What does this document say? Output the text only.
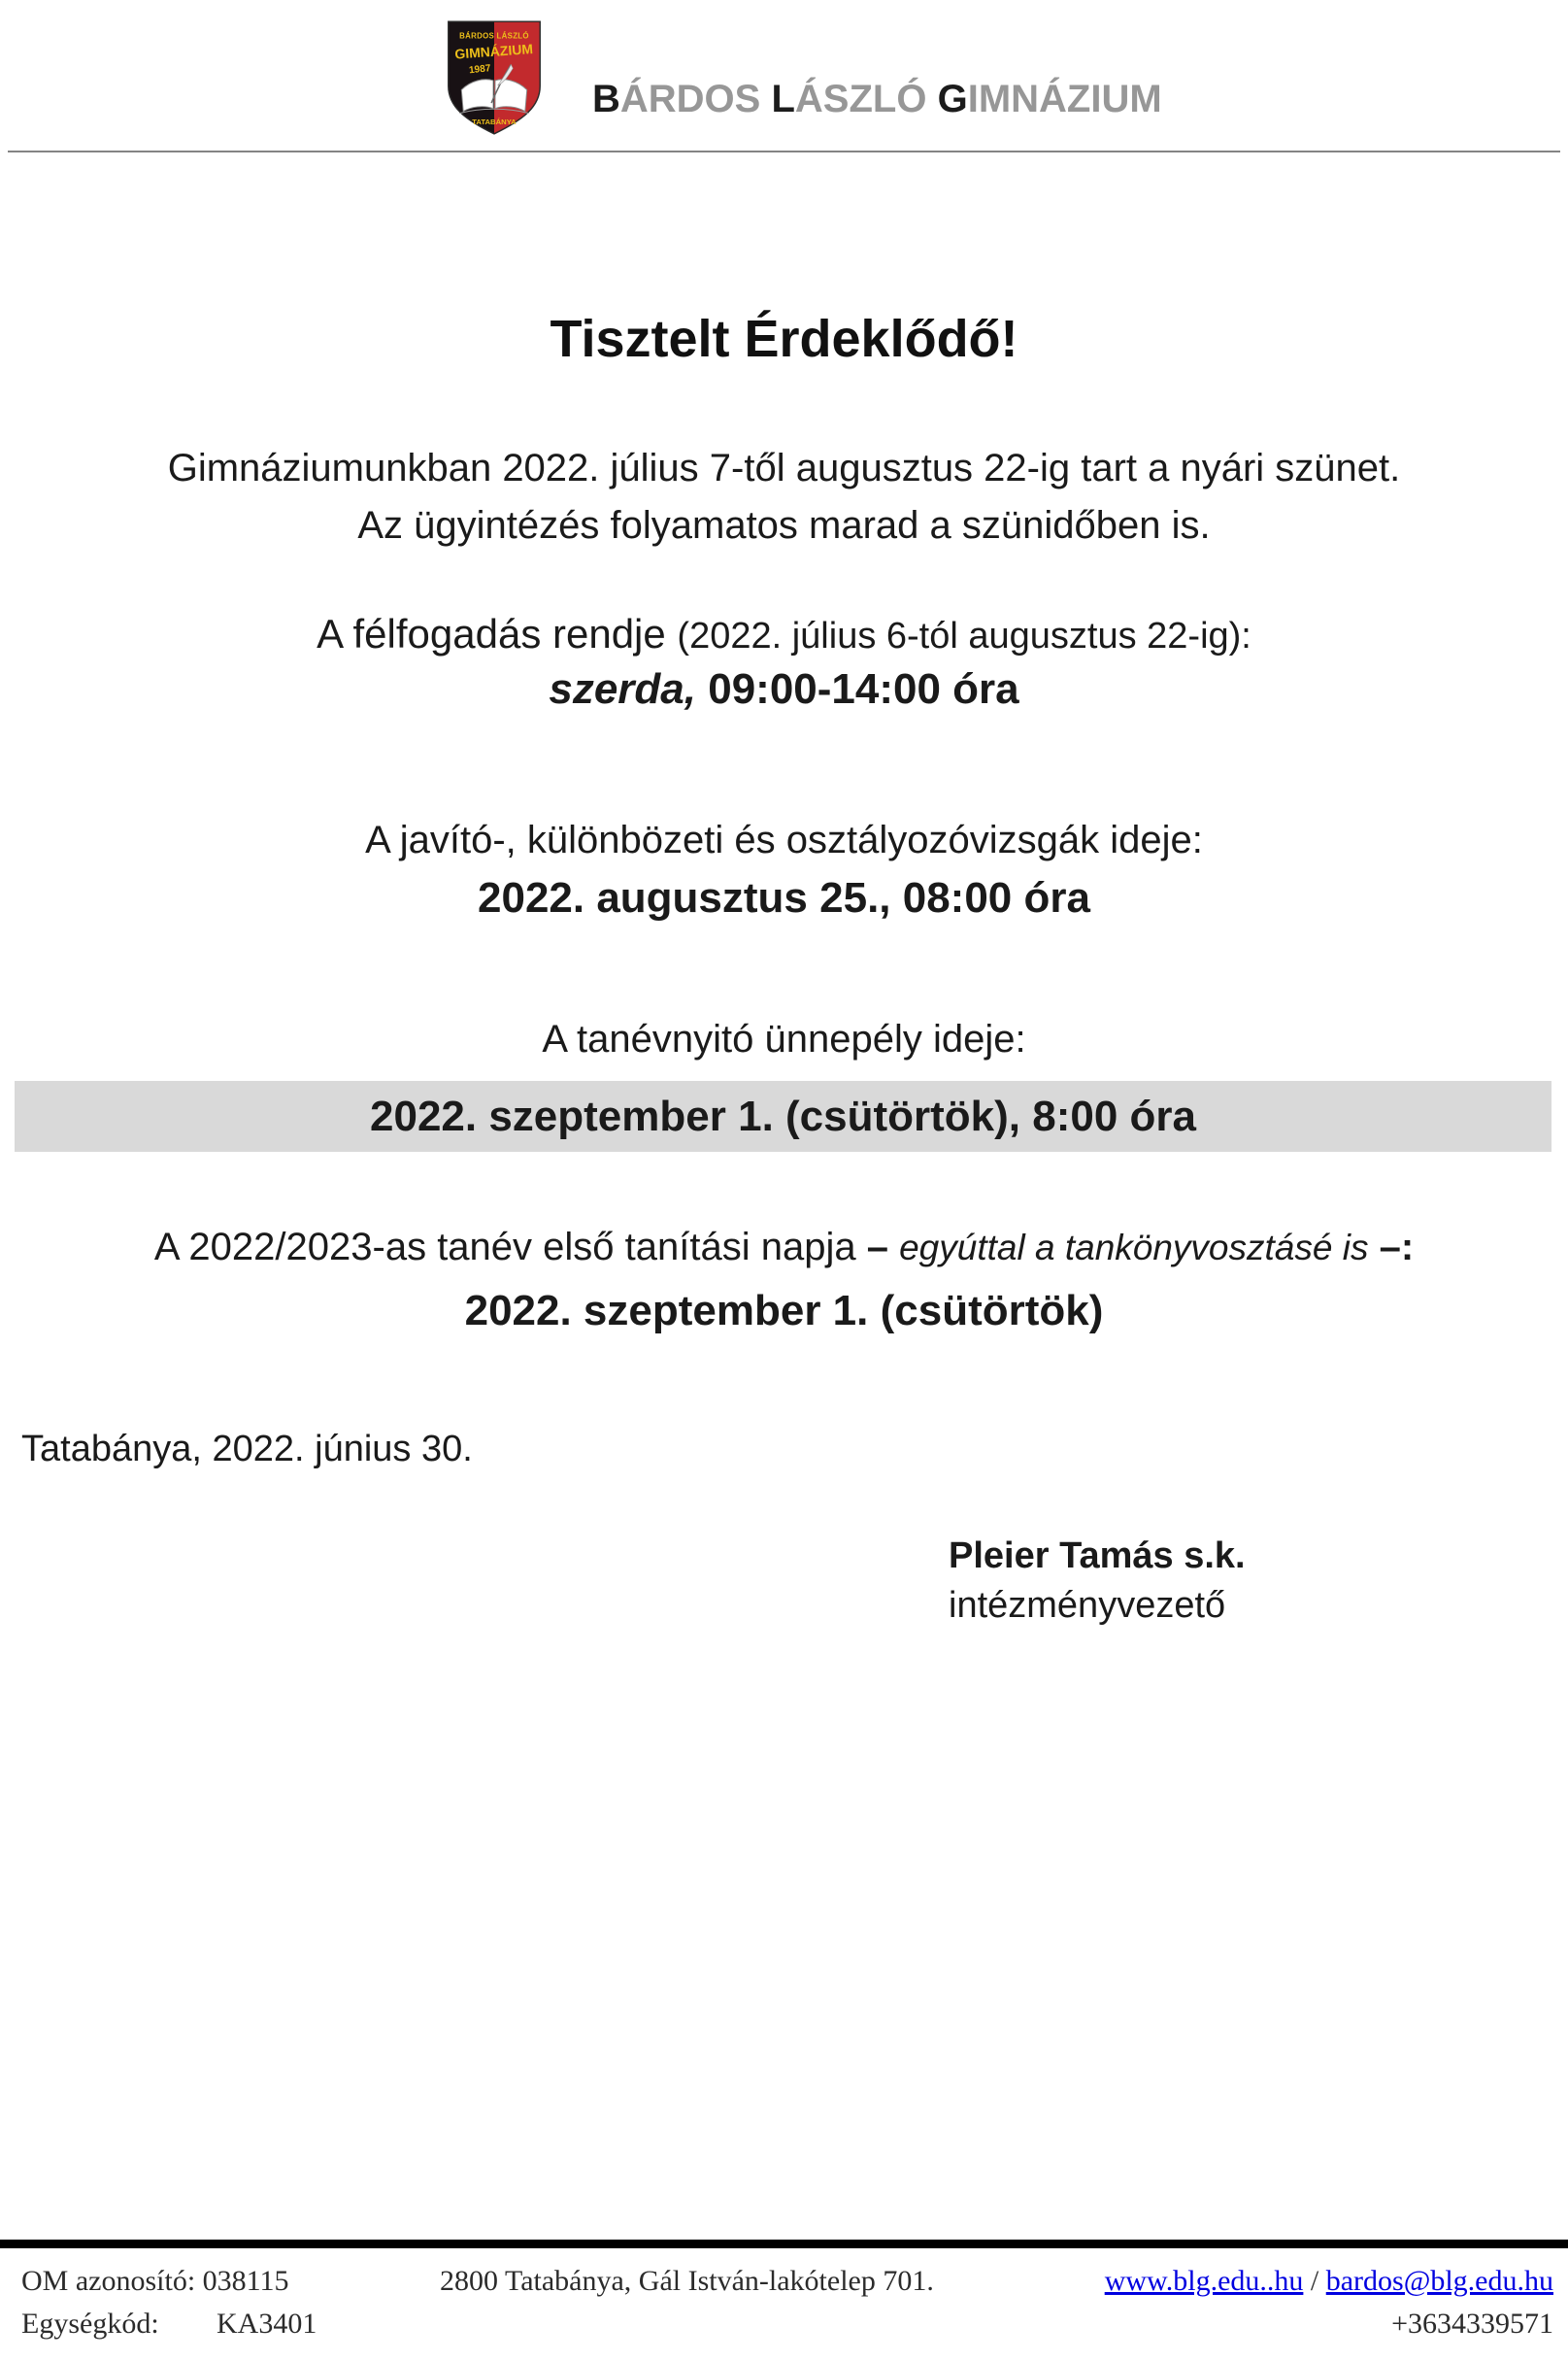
BÁRDOS LÁSZLÓ
GIMNÁZIUM
1987
TATABÁNYA
BÁRDOS LÁSZLÓ GIMNÁZIUM
Tisztelt Érdeklődő!
Gimnáziumunkban 2022. július 7-től augusztus 22-ig tart a nyári szünet.
Az ügyintézés folyamatos marad a szünidőben is.
A félfogadás rendje (2022. július 6-tól augusztus 22-ig):
szerda, 09:00-14:00 óra
A javító-, különbözeti és osztályozóvizsgák ideje:
2022. augusztus 25., 08:00 óra
A tanévnyitó ünnepély ideje:
2022. szeptember 1. (csütörtök), 8:00 óra
A 2022/2023-as tanév első tanítási napja – egyúttal a tankönyvosztásé is –:
2022. szeptember 1. (csütörtök)
Tatabánya, 2022. június 30.
Pleier Tamás s.k.
intézményvezető
OM azonosító: 038115
Egységkód: KA3401
2800 Tatabánya, Gál István-lakótelep 701.	www.blg.edu..hu / bardos@blg.edu.hu
+3634339571
